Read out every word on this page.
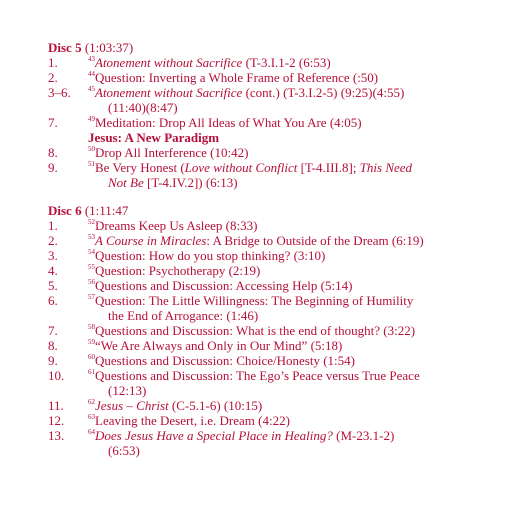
Disc 5 (1:03:37)
1.	$^{43}$Atonement without Sacrifice (T-3.I.1-2 (6:53)
2.	$^{44}$Question: Inverting a Whole Frame of Reference (:50)
3–6. $^{45}$Atonement without Sacrifice (cont.) (T-3.I.2-5) (9:25)(4:55)
(11:40)(8:47)
7.	$^{49}$Meditation: Drop All Ideas of What You Are (4:05)
Jesus: A New Paradigm
8.	$^{50}$Drop All Interference (10:42)
9.	$^{51}$Be Very Honest (Love without Conflict [T-4.III.8]; This Need
Not Be [T-4.IV.2]) (6:13)
Disc 6 (1:11:47
1.	$^{52}$Dreams Keep Us Asleep (8:33)
2.	$^{53}$A Course in Miracles: A Bridge to Outside of the Dream (6:19)
3.	$^{54}$Question: How do you stop thinking? (3:10)
4.	$^{55}$Question: Psychotherapy (2:19)
5.	$^{56}$Questions and Discussion: Accessing Help (5:14)
6.	$^{57}$Question: The Little Willingness: The Beginning of Humility
the End of Arrogance: (1:46)
7.	$^{58}$Questions and Discussion: What is the end of thought? (3:22)
8.	$^{59}$“We Are Always and Only in Our Mind” (5:18)
9.	$^{60}$Questions and Discussion: Choice/Honesty (1:54)
10.	$^{61}$Questions and Discussion: The Ego’s Peace versus True Peace
(12:13)
11.	$^{62}$Jesus – Christ (C-5.1-6) (10:15)
12.	$^{63}$Leaving the Desert, i.e. Dream (4:22)
13.	$^{64}$Does Jesus Have a Special Place in Healing? (M-23.1-2)
(6:53)
